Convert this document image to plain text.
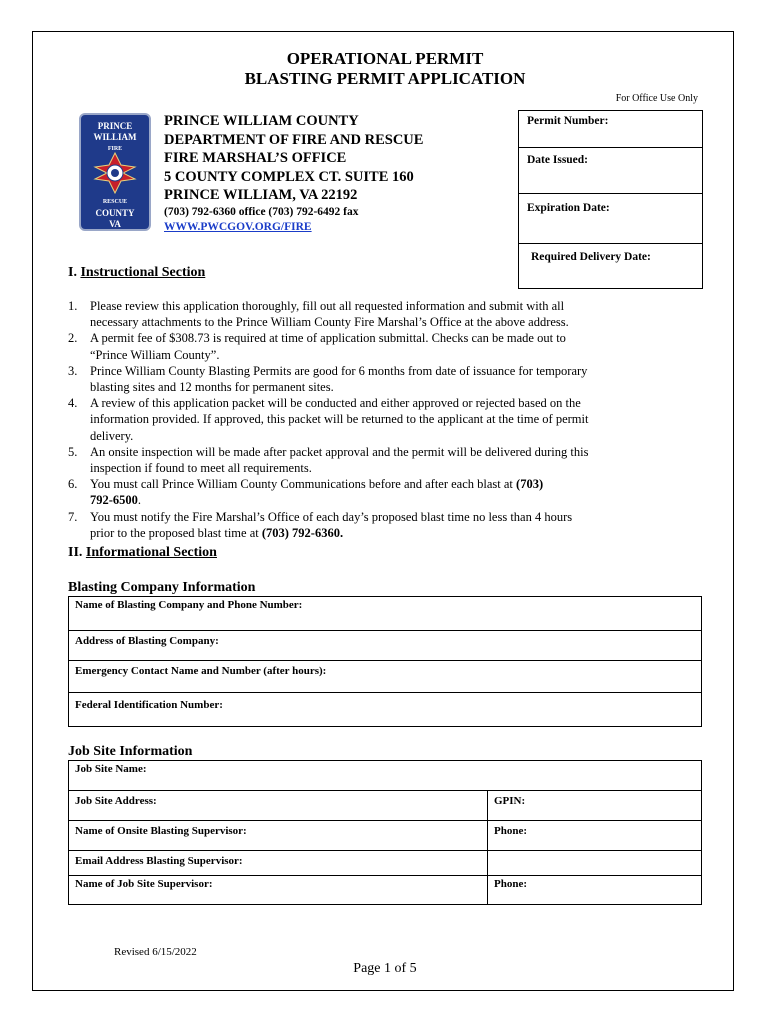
OPERATIONAL PERMIT
BLASTING PERMIT APPLICATION
For Office Use Only
PRINCE
WILLIAM
FIRE
RESCUE
COUNTY
VA
PRINCE WILLIAM COUNTY
DEPARTMENT OF FIRE AND RESCUE
FIRE MARSHAL’S OFFICE
5 COUNTY COMPLEX CT. SUITE 160
PRINCE WILLIAM, VA 22192
(703) 792-6360 office (703) 792-6492 fax
WWW.PWCGOV.ORG/FIRE
Permit Number:
Date Issued:
Expiration Date:
Required Delivery Date:
I. Instructional Section
1. Please review this application thoroughly, fill out all requested information and submit with all
necessary attachments to the Prince William County Fire Marshal’s Office at the above address.
2. A permit fee of $308.73 is required at time of application submittal. Checks can be made out to
“Prince William County”.
3. Prince William County Blasting Permits are good for 6 months from date of issuance for temporary
blasting sites and 12 months for permanent sites.
4. A review of this application packet will be conducted and either approved or rejected based on the
information provided. If approved, this packet will be returned to the applicant at the time of permit
delivery.
5. An onsite inspection will be made after packet approval and the permit will be delivered during this
inspection if found to meet all requirements.
6. You must call Prince William County Communications before and after each blast at (703)
792-6500.
7. You must notify the Fire Marshal’s Office of each day’s proposed blast time no less than 4 hours
prior to the proposed blast time at (703) 792-6360.
II. Informational Section
Blasting Company Information
Name of Blasting Company and Phone Number:
Address of Blasting Company:
Emergency Contact Name and Number (after hours):
Federal Identification Number:
Job Site Information
Job Site Name:	
Job Site Address:	GPIN:
Name of Onsite Blasting Supervisor:	Phone:
Email Address Blasting Supervisor:	
Name of Job Site Supervisor:	Phone:
Revised 6/15/2022
Page 1 of 5
